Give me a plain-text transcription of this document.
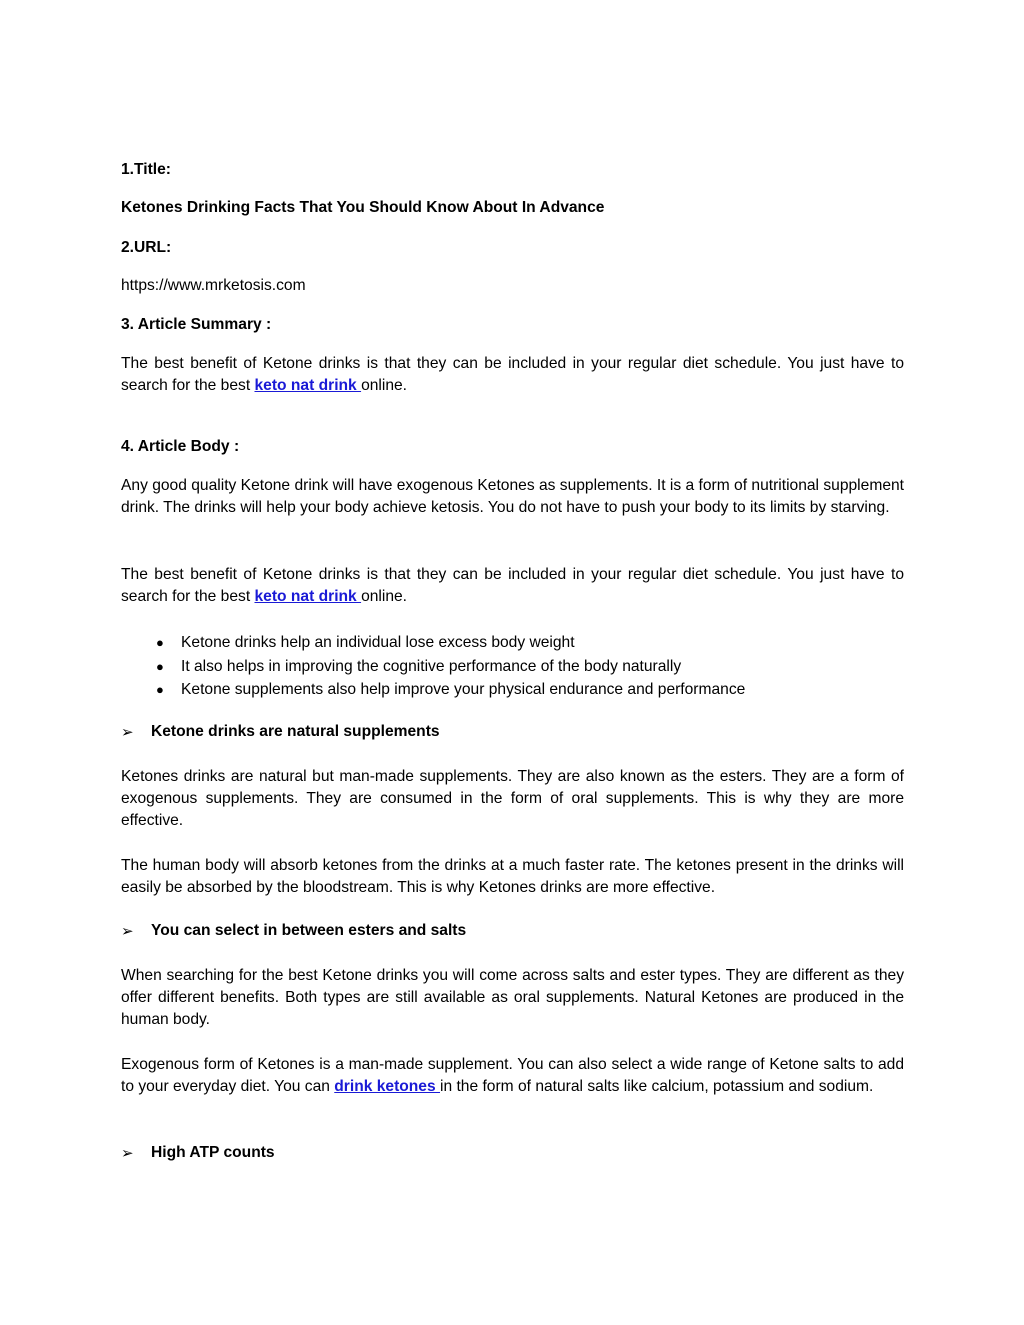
1.Title:

Ketones Drinking Facts That You Should Know About In Advance

2.URL:

https://www.mrketosis.com

3. Article Summary :

The best benefit of Ketone drinks is that they can be included in your regular diet schedule. You just have to search for the best keto nat drink online.

4. Article Body :

Any good quality Ketone drink will have exogenous Ketones as supplements. It is a form of nutritional supplement drink. The drinks will help your body achieve ketosis. You do not have to push your body to its limits by starving.

The best benefit of Ketone drinks is that they can be included in your regular diet schedule. You just have to search for the best keto nat drink online.

● Ketone drinks help an individual lose excess body weight
● It also helps in improving the cognitive performance of the body naturally
● Ketone supplements also help improve your physical endurance and performance
➢ Ketone drinks are natural supplements

Ketones drinks are natural but man-made supplements. They are also known as the esters. They are a form of exogenous supplements. They are consumed in the form of oral supplements. This is why they are more effective.

The human body will absorb ketones from the drinks at a much faster rate. The ketones present in the drinks will easily be absorbed by the bloodstream. This is why Ketones drinks are more effective.

➢ You can select in between esters and salts

When searching for the best Ketone drinks you will come across salts and ester types. They are different as they offer different benefits. Both types are still available as oral supplements. Natural Ketones are produced in the human body.

Exogenous form of Ketones is a man-made supplement. You can also select a wide range of Ketone salts to add to your everyday diet. You can drink ketones in the form of natural salts like calcium, potassium and sodium.

➢ High ATP counts
